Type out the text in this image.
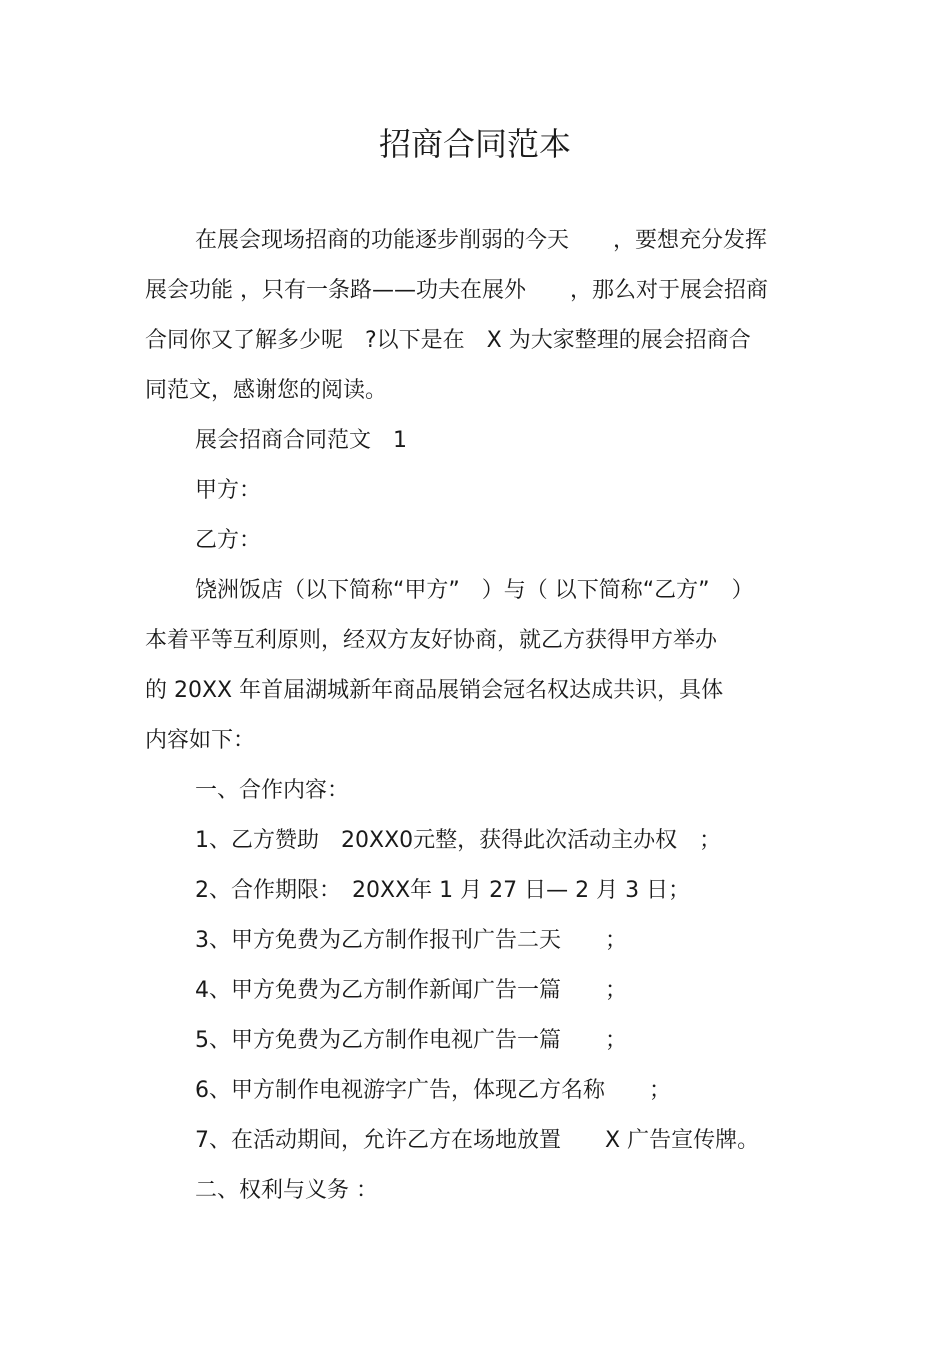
招商合同范本
在展会现场招商的功能逐步削弱的今天　　，要想充分发挥
展会功能 ，只有一条路——功夫在展外　　，那么对于展会招商
合同你又了解多少呢　?以下是在　X 为大家整理的展会招商合
同范文，感谢您的阅读。
展会招商合同范文　1
甲方：
乙方：
饶洲饭店（以下简称“甲方”　）与（ 以下简称“乙方”　）
本着平等互利原则，经双方友好协商，就乙方获得甲方举办
的 20XX 年首届湖城新年商品展销会冠名权达成共识，具体
内容如下：
一、合作内容：
1、乙方赞助　20XX0元整，获得此次活动主办权　；
2、合作期限：　20XX年 1 月 27 日— 2 月 3 日；
3、甲方免费为乙方制作报刊广告二天　　；
4、甲方免费为乙方制作新闻广告一篇　　；
5、甲方免费为乙方制作电视广告一篇　　；
6、甲方制作电视游字广告，体现乙方名称　　；
7、在活动期间，允许乙方在场地放置　　X 广告宣传牌。
二、权利与义务 ：
